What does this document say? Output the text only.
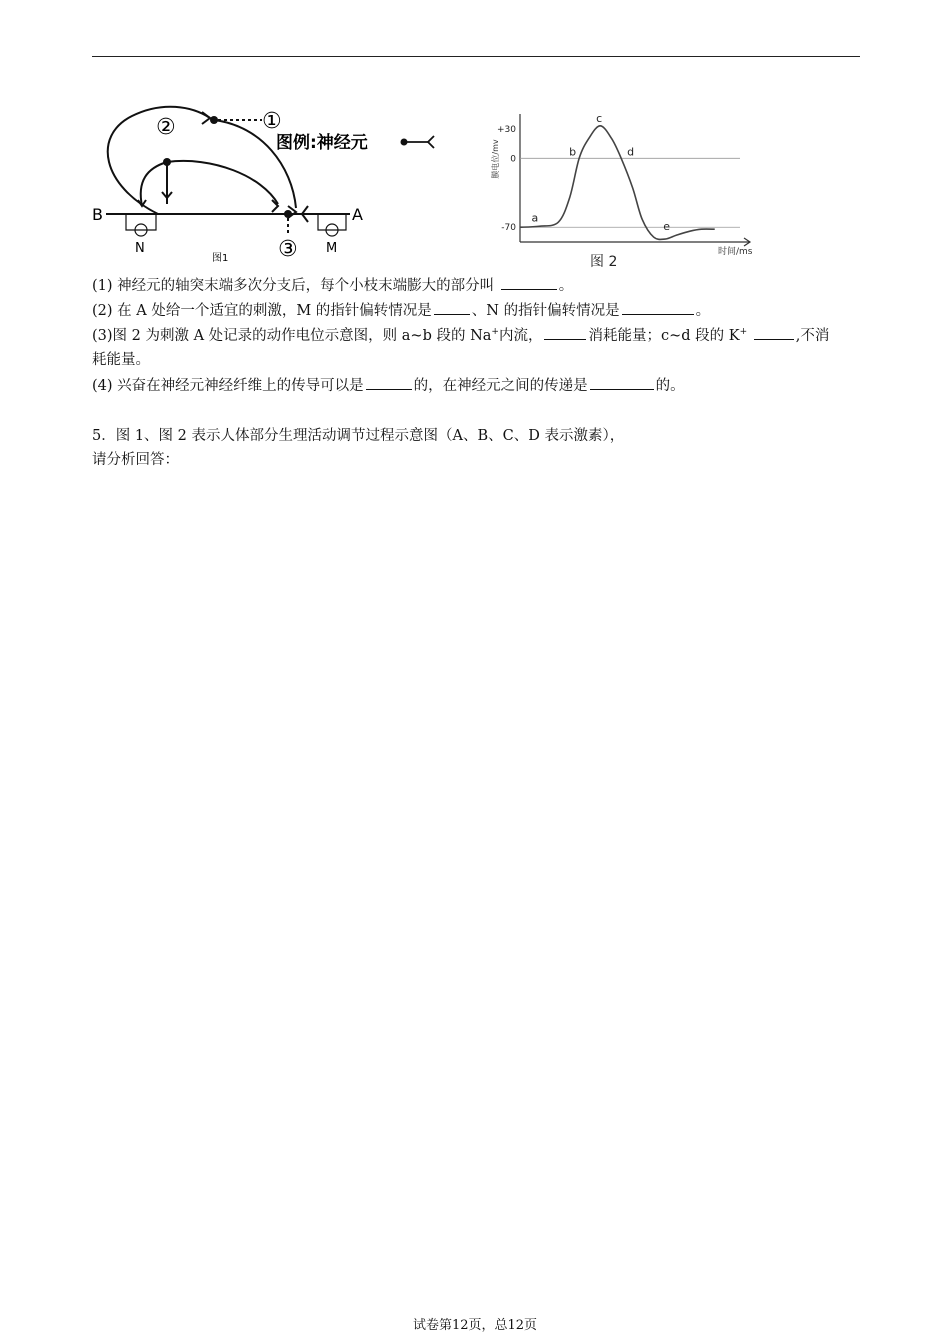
①
②
③
图例:神经元
B	A
N	M
图1
+30
0
-70
膜电位/mv
时间/ms
a
b
c
d
e
图 2
(1) 神经元的轴突末端多次分支后，每个小枝末端膨大的部分叫	。
(2) 在 A 处给一个适宜的刺激，M 的指针偏转情况是	、N 的指针偏转情况是	。
(3)图 2 为刺激 A 处记录的动作电位示意图，则 a~b 段的 Na+内流，	消耗能量；c~d 段的 K+	,不消
耗能量。
(4) 兴奋在神经元神经纤维上的传导可以是	的，在神经元之间的传递是	的。
5．图 1、图 2 表示人体部分生理活动调节过程示意图（A、B、C、D 表示激素），
请分析回答：
试卷第12页，总12页
